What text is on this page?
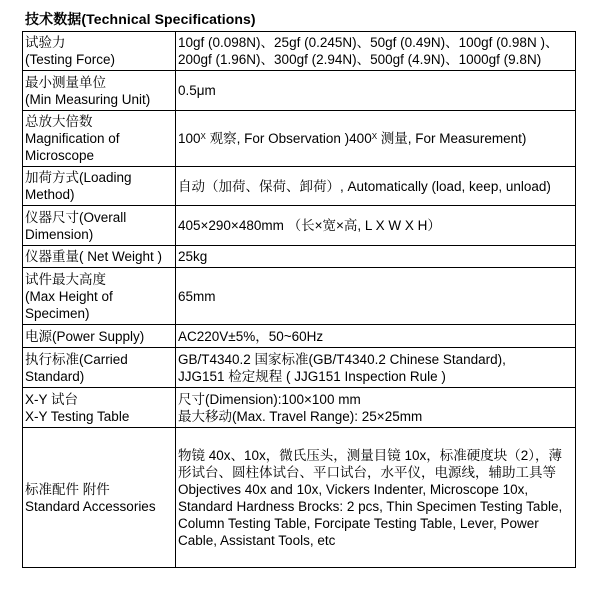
技术数据(Technical Specifications)
试验力
(Testing Force)	10gf (0.098N)、25gf (0.245N)、50gf (0.49N)、100gf (0.98N )、
200gf (1.96N)、300gf (2.94N)、500gf (4.9N)、1000gf (9.8N)

最小测量单位
(Min Measuring Unit)	0.5μm

总放大倍数
Magnification of
Microscope	$100^X$ 观察, For Observation )$400^X$ 测量, For Measurement)

加荷方式(Loading
Method)	自动（加荷、保荷、卸荷）, Automatically (load, keep, unload)

仪器尺寸(Overall
Dimension)	405×290×480mm （长×宽×高, L X W X H）

仪器重量( Net Weight )	25kg

试件最大高度
(Max Height of
Specimen)	65mm

电源(Power Supply)	AC220V±5%，50~60Hz

执行标准(Carried
Standard)	GB/T4340.2 国家标准(GB/T4340.2 Chinese Standard),
JJG151 检定规程 ( JJG151 Inspection Rule )

X-Y 试台
X-Y Testing Table	尺寸(Dimension):100×100 mm
最大移动(Max. Travel Range): 25×25mm

标准配件 附件
Standard Accessories	物镜 40x、10x，微氏压头，测量目镜 10x，标准硬度块（2），薄形试台、圆柱体试台、平口试台，水平仪，电源线，辅助工具等
Objectives 40x and 10x, Vickers Indenter, Microscope 10x, Standard Hardness Brocks: 2 pcs, Thin Specimen Testing Table, Column Testing Table, Forcipate Testing Table, Lever, Power Cable, Assistant Tools, etc
